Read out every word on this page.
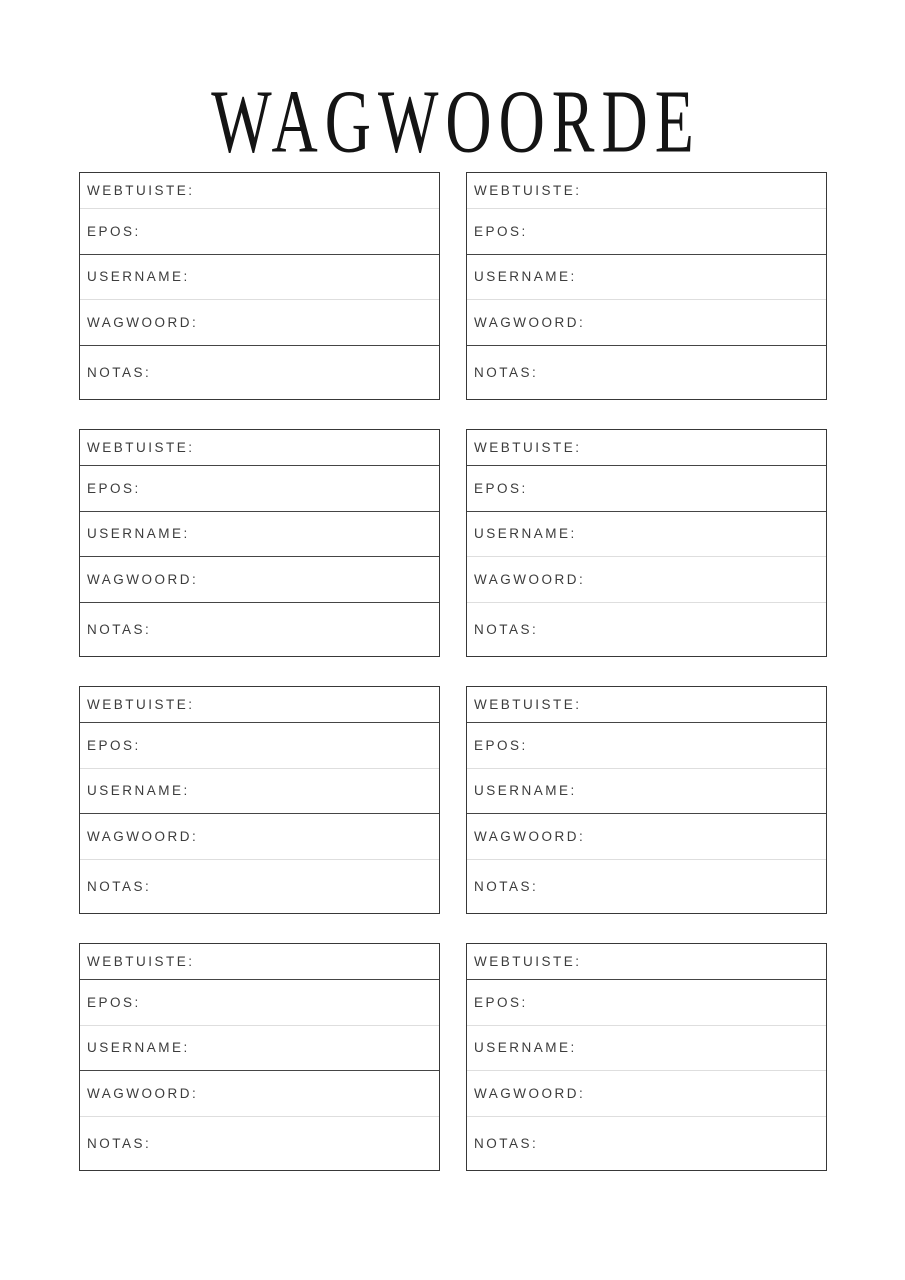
WAGWOORDE
WEBTUISTE:
EPOS:
USERNAME:
WAGWOORD:
NOTAS:
WEBTUISTE:
EPOS:
USERNAME:
WAGWOORD:
NOTAS:
WEBTUISTE:
EPOS:
USERNAME:
WAGWOORD:
NOTAS:
WEBTUISTE:
EPOS:
USERNAME:
WAGWOORD:
NOTAS:
WEBTUISTE:
EPOS:
USERNAME:
WAGWOORD:
NOTAS:
WEBTUISTE:
EPOS:
USERNAME:
WAGWOORD:
NOTAS:
WEBTUISTE:
EPOS:
USERNAME:
WAGWOORD:
NOTAS:
WEBTUISTE:
EPOS:
USERNAME:
WAGWOORD:
NOTAS:
